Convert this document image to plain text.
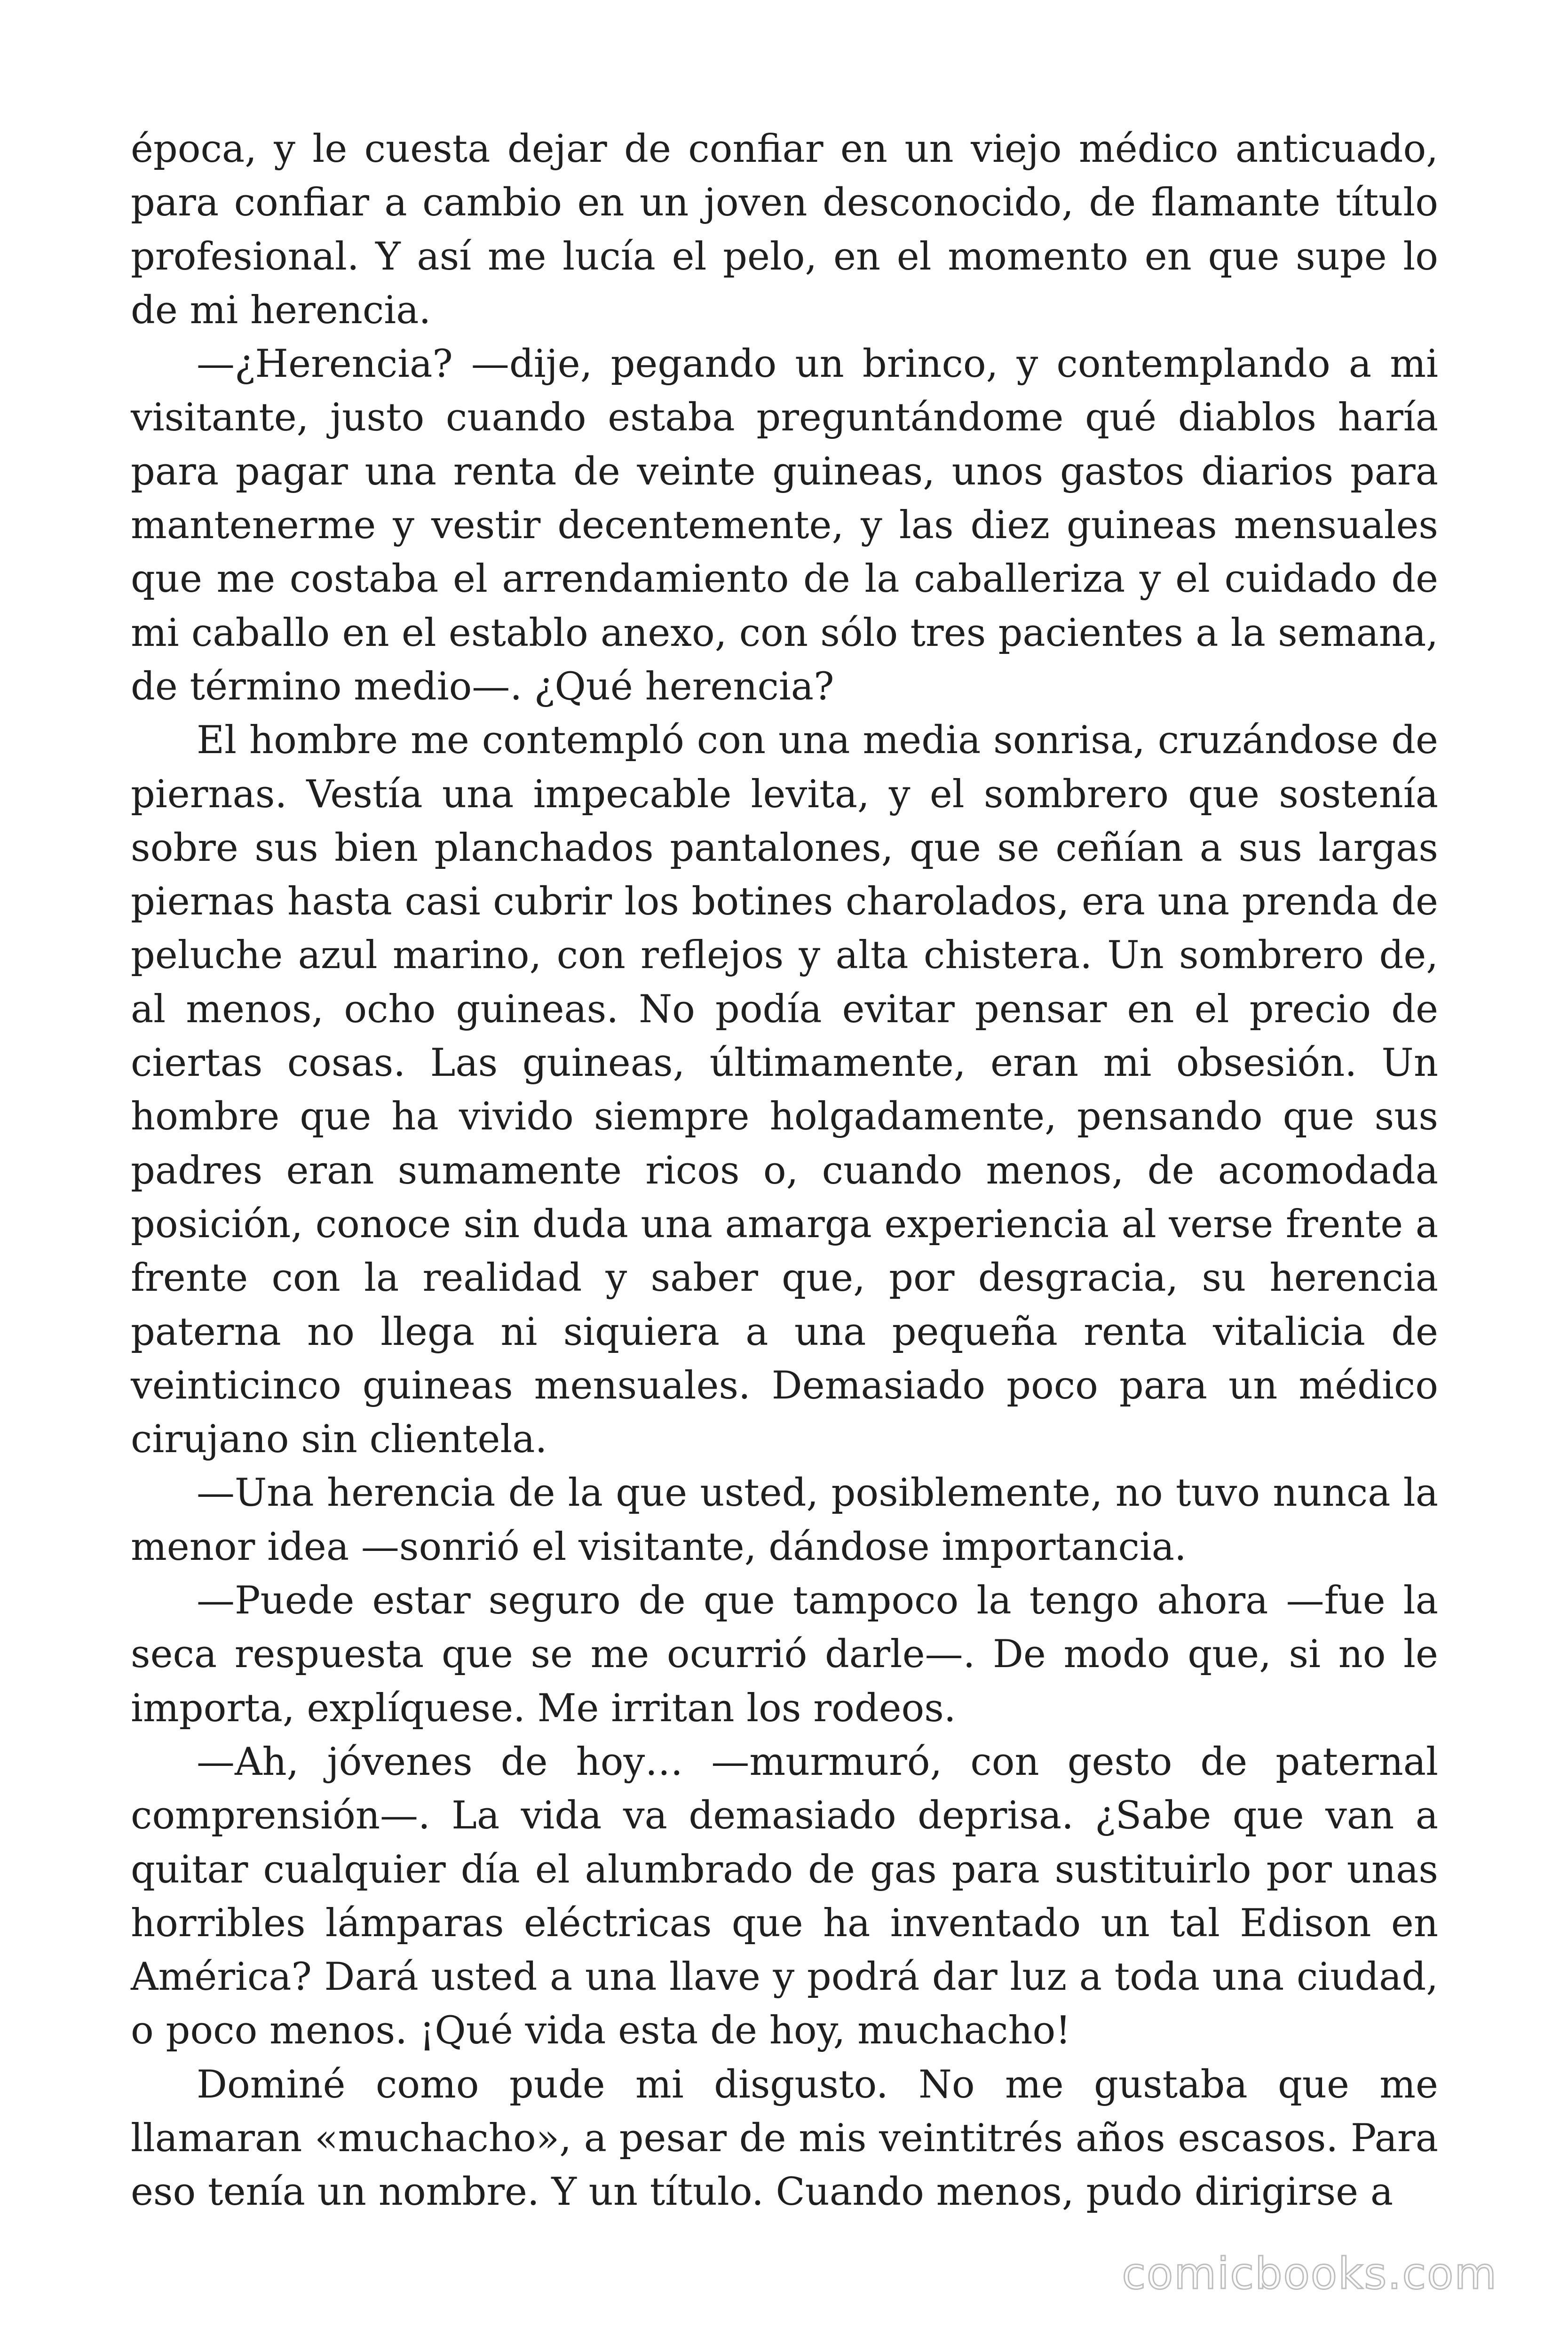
época, y le cuesta dejar de confiar en un viejo médico anticuado, para confiar a cambio en un joven desconocido, de flamante título profesional. Y así me lucía el pelo, en el momento en que supe lo de mi herencia.

—¿Herencia? —dije, pegando un brinco, y contemplando a mi visitante, justo cuando estaba preguntándome qué diablos haría para pagar una renta de veinte guineas, unos gastos diarios para mantenerme y vestir decentemente, y las diez guineas mensuales que me costaba el arrendamiento de la caballeriza y el cuidado de mi caballo en el establo anexo, con sólo tres pacientes a la semana, de término medio—. ¿Qué herencia?

El hombre me contempló con una media sonrisa, cruzándose de piernas. Vestía una impecable levita, y el sombrero que sostenía sobre sus bien planchados pantalones, que se ceñían a sus largas piernas hasta casi cubrir los botines charolados, era una prenda de peluche azul marino, con reflejos y alta chistera. Un sombrero de, al menos, ocho guineas. No podía evitar pensar en el precio de ciertas cosas. Las guineas, últimamente, eran mi obsesión. Un hombre que ha vivido siempre holgadamente, pensando que sus padres eran sumamente ricos o, cuando menos, de acomodada posición, conoce sin duda una amarga experiencia al verse frente a frente con la realidad y saber que, por desgracia, su herencia paterna no llega ni siquiera a una pequeña renta vitalicia de veinticinco guineas mensuales. Demasiado poco para un médico cirujano sin clientela.

—Una herencia de la que usted, posiblemente, no tuvo nunca la menor idea —sonrió el visitante, dándose importancia.

—Puede estar seguro de que tampoco la tengo ahora —fue la seca respuesta que se me ocurrió darle—. De modo que, si no le importa, explíquese. Me irritan los rodeos.

—Ah, jóvenes de hoy… —murmuró, con gesto de paternal comprensión—. La vida va demasiado deprisa. ¿Sabe que van a quitar cualquier día el alumbrado de gas para sustituirlo por unas horribles lámparas eléctricas que ha inventado un tal Edison en América? Dará usted a una llave y podrá dar luz a toda una ciudad, o poco menos. ¡Qué vida esta de hoy, muchacho!

Dominé como pude mi disgusto. No me gustaba que me llamaran «muchacho», a pesar de mis veintitrés años escasos. Para eso tenía un nombre. Y un título. Cuando menos, pudo dirigirse a

comicbooks.com
